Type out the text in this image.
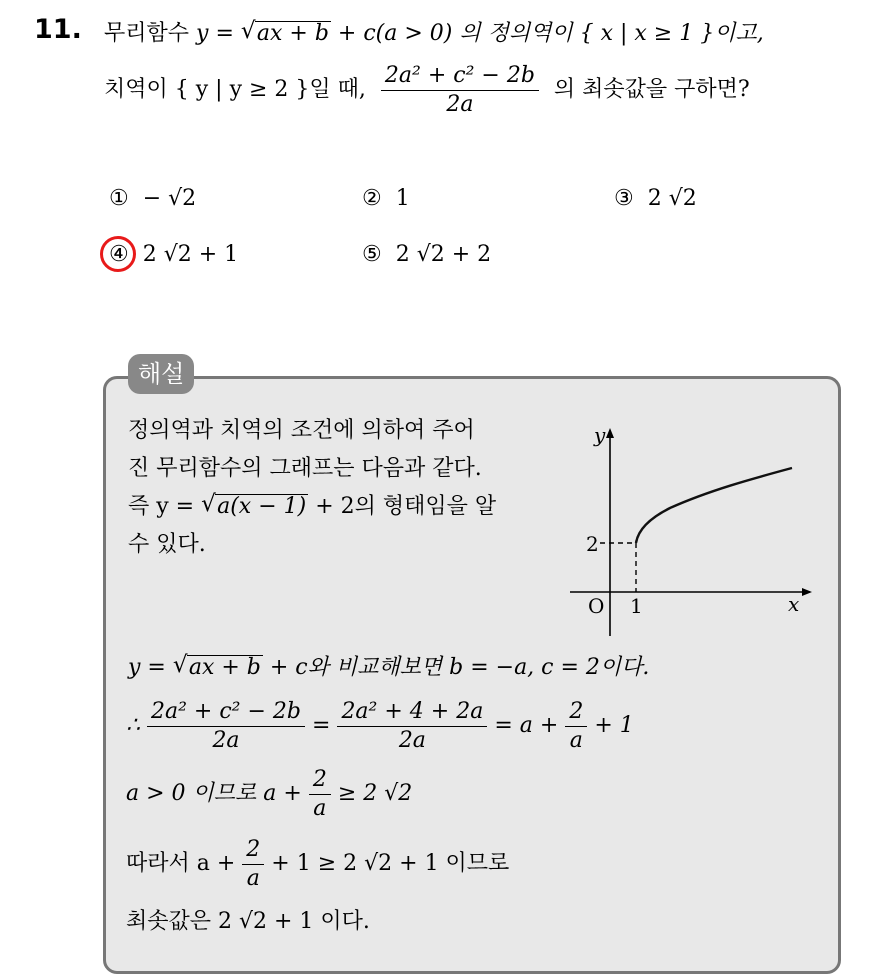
11. 무리함수 y = √ ax + b + c(a > 0) 의 정의역이 { x | x ≥ 1 }이고,
치역이 { y | y ≥ 2 }일 때, $\frac{\text{2a² + c² − 2b}}{2a}$ 의 최솟값을 구하면?
① − √2	② 1	③ 2 √2
④ 2 √2 + 1	⑤ 2 √2 + 2
해설
정의역과 치역의 조건에 의하여 주어
진 무리함수의 그래프는 다음과 같다.
즉 y = √ a(x − 1) + 2의 형태임을 알
수 있다.
y
x
O 1
2
y = √ ax + b + c와 비교해보면 b = −a, c = 2이다.
∴ $\frac{\text{2a² + c² − 2b}}{2a} = \frac{\text{2a² + 4 + 2a}}{2a} = a + \frac{2}{a} + 1$
a > 0 이므로 $a + \frac{2}{a} \ge 2$ √2
따라서 $a + \frac{2}{a} + 1 \ge 2$ √2 + 1 이므로
최솟값은 2 √2 + 1 이다.
